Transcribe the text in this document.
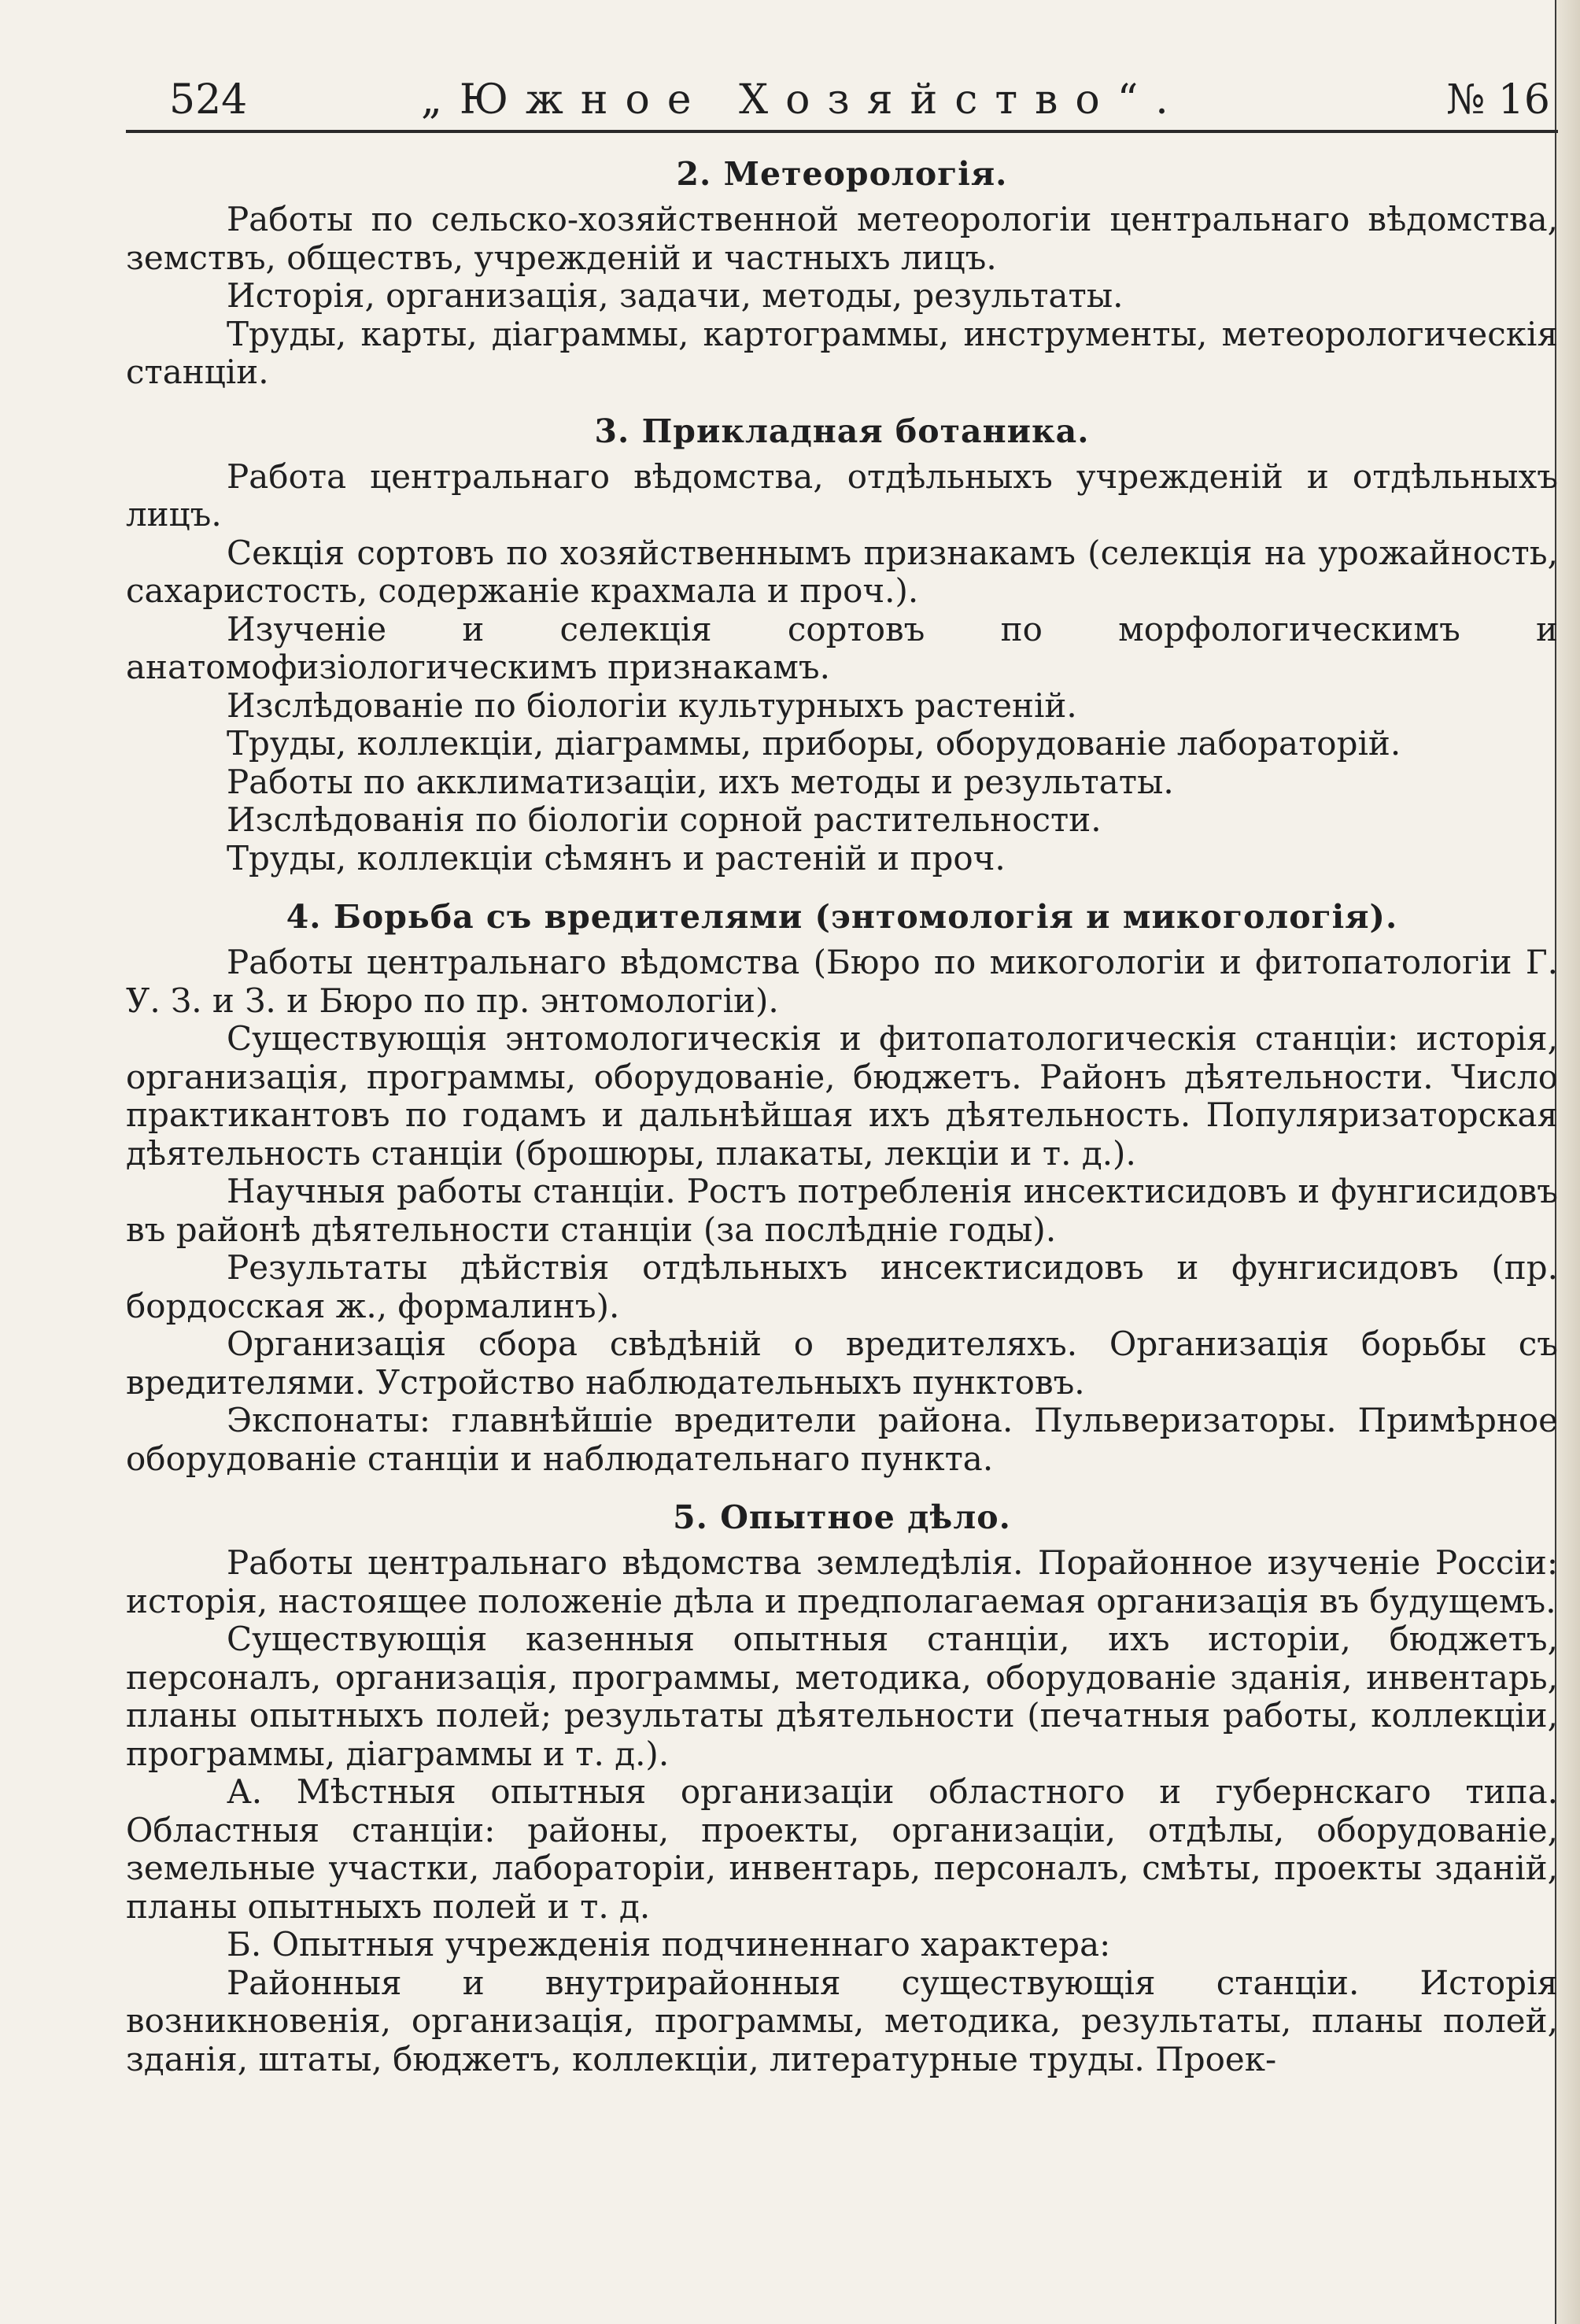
524	„Южное Хозяйство“.	№ 16
2. Метеорологія.

Работы по сельско-хозяйственной метеорологіи центральнаго вѣдомства, земствъ, обществъ, учрежденій и частныхъ лицъ.

Исторія, организація, задачи, методы, результаты.

Труды, карты, діаграммы, картограммы, инструменты, метеорологическія станціи.

3. Прикладная ботаника.

Работа центральнаго вѣдомства, отдѣльныхъ учрежденій и отдѣльныхъ лицъ.

Секція сортовъ по хозяйственнымъ признакамъ (селекція на урожайность, сахаристость, содержаніе крахмала и проч.).

Изученіе и селекція сортовъ по морфологическимъ и анатомофизіологическимъ признакамъ.

Изслѣдованіе по біологіи культурныхъ растеній.

Труды, коллекціи, діаграммы, приборы, оборудованіе лабораторій.

Работы по акклиматизаціи, ихъ методы и результаты.

Изслѣдованія по біологіи сорной растительности.

Труды, коллекціи сѣмянъ и растеній и проч.

4. Борьба съ вредителями (энтомологія и микогологія).

Работы центральнаго вѣдомства (Бюро по микогологіи и фитопатологіи Г. У. З. и З. и Бюро по пр. энтомологіи).

Существующія энтомологическія и фитопатологическія станціи: исторія, организація, программы, оборудованіе, бюджетъ. Районъ дѣятельности. Число практикантовъ по годамъ и дальнѣйшая ихъ дѣятельность. Популяризаторская дѣятельность станціи (брошюры, плакаты, лекціи и т. д.).

Научныя работы станціи. Ростъ потребленія инсектисидовъ и фунгисидовъ въ районѣ дѣятельности станціи (за послѣдніе годы).

Результаты дѣйствія отдѣльныхъ инсектисидовъ и фунгисидовъ (пр. бордосская ж., формалинъ).

Организація сбора свѣдѣній о вредителяхъ. Организація борьбы съ вредителями. Устройство наблюдательныхъ пунктовъ.

Экспонаты: главнѣйшіе вредители района. Пульверизаторы. Примѣрное оборудованіе станціи и наблюдательнаго пункта.

5. Опытное дѣло.

Работы центральнаго вѣдомства земледѣлія. Порайонное изученіе Россіи: исторія, настоящее положеніе дѣла и предполагаемая организація въ будущемъ.

Существующія казенныя опытныя станціи, ихъ исторіи, бюджетъ, персоналъ, организація, программы, методика, оборудованіе зданія, инвентарь, планы опытныхъ полей; результаты дѣятельности (печатныя работы, коллекціи, программы, діаграммы и т. д.).

А. Мѣстныя опытныя организаціи областного и губернскаго типа. Областныя станціи: районы, проекты, организаціи, отдѣлы, оборудованіе, земельные участки, лабораторіи, инвентарь, персоналъ, смѣты, проекты зданій, планы опытныхъ полей и т. д.

Б. Опытныя учрежденія подчиненнаго характера:

Районныя и внутрирайонныя существующія станціи. Исторія возникновенія, организація, программы, методика, результаты, планы полей, зданія, штаты, бюджетъ, коллекціи, литературные труды. Проек-
